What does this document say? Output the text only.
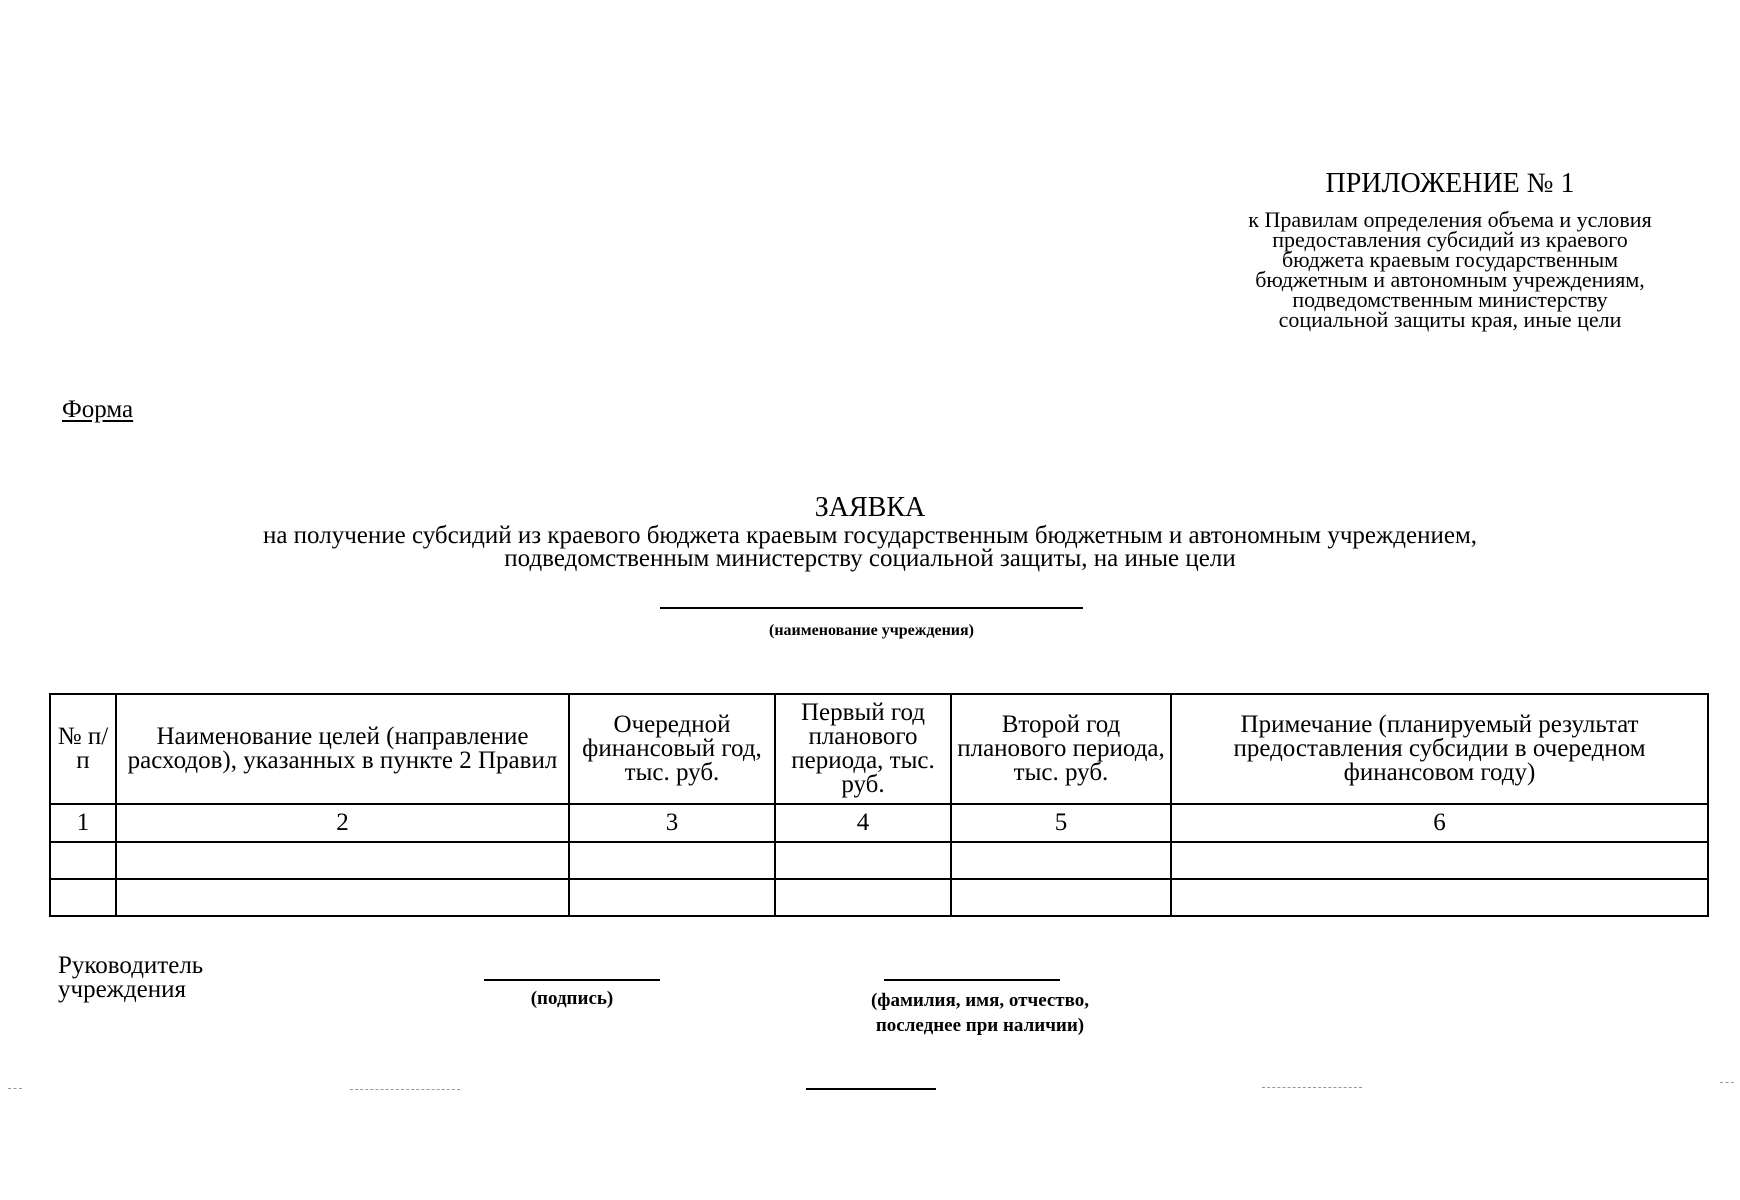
ПРИЛОЖЕНИЕ № 1
к Правилам определения объема и условия
предоставления субсидий из краевого
бюджета краевым государственным
бюджетным и автономным учреждениям,
подведомственным министерству
социальной защиты края, иные цели
Форма
ЗАЯВКА
на получение субсидий из краевого бюджета краевым государственным бюджетным и автономным учреждением,
подведомственным министерству социальной защиты, на иные цели
(наименование учреждения)
№ п/п	Наименование целей (направление расходов), указанных в пункте 2 Правил	Очередной финансовый год, тыс. руб.	Первый год планового периода, тыс. руб.	Второй год планового периода, тыс. руб.	Примечание (планируемый результат предоставления субсидии в очередном финансовом году)
1	2	3	4	5	6

Руководитель
учреждения	(подпись)	(фамилия, имя, отчество,
последнее при наличии)
